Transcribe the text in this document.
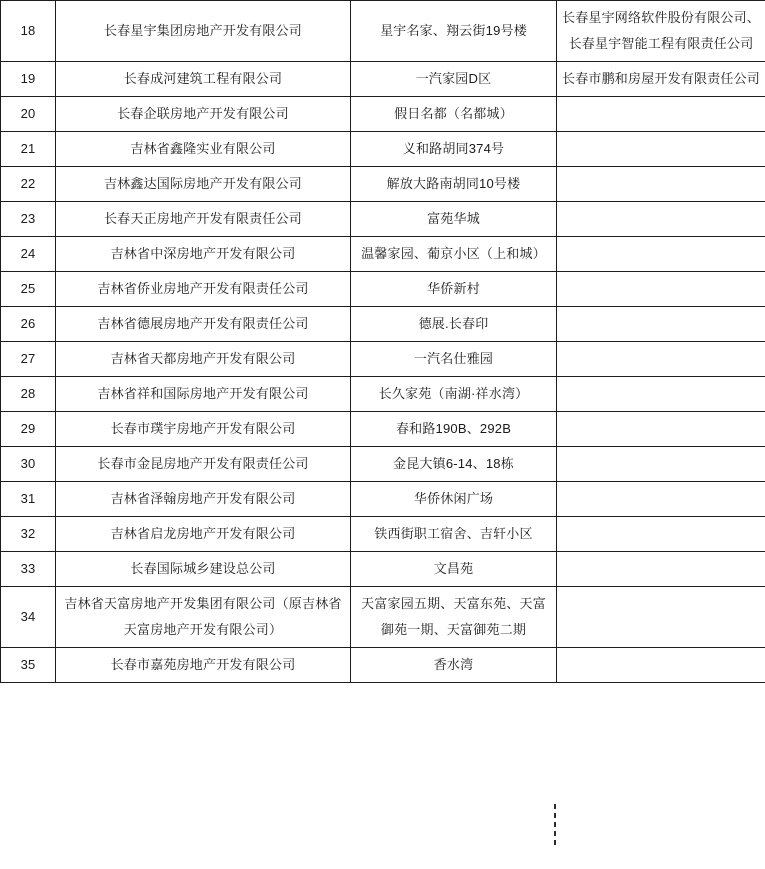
18	长春星宇集团房地产开发有限公司	星宇名家、翔云街19号楼	长春星宇网络软件股份有限公司、长春星宇智能工程有限责任公司
19	长春成河建筑工程有限公司	一汽家园D区	长春市鹏和房屋开发有限责任公司
20	长春企联房地产开发有限公司	假日名都（名都城）	
21	吉林省鑫隆实业有限公司	义和路胡同374号	
22	吉林鑫达国际房地产开发有限公司	解放大路南胡同10号楼	
23	长春天正房地产开发有限责任公司	富苑华城	
24	吉林省中深房地产开发有限公司	温馨家园、葡京小区（上和城）	
25	吉林省侨业房地产开发有限责任公司	华侨新村	
26	吉林省德展房地产开发有限责任公司	德展.长春印	
27	吉林省天都房地产开发有限公司	一汽名仕雅园	
28	吉林省祥和国际房地产开发有限公司	长久家苑（南湖·祥水湾）	
29	长春市璞宇房地产开发有限公司	春和路190B、292B	
30	长春市金昆房地产开发有限责任公司	金昆大镇6-14、18栋	
31	吉林省泽翰房地产开发有限公司	华侨休闲广场	
32	吉林省启龙房地产开发有限公司	铁西街职工宿舍、吉轩小区	
33	长春国际城乡建设总公司	文昌苑	
34	吉林省天富房地产开发集团有限公司（原吉林省天富房地产开发有限公司）	天富家园五期、天富东苑、天富御苑一期、天富御苑二期	
35	长春市嘉苑房地产开发有限公司	香水湾	
